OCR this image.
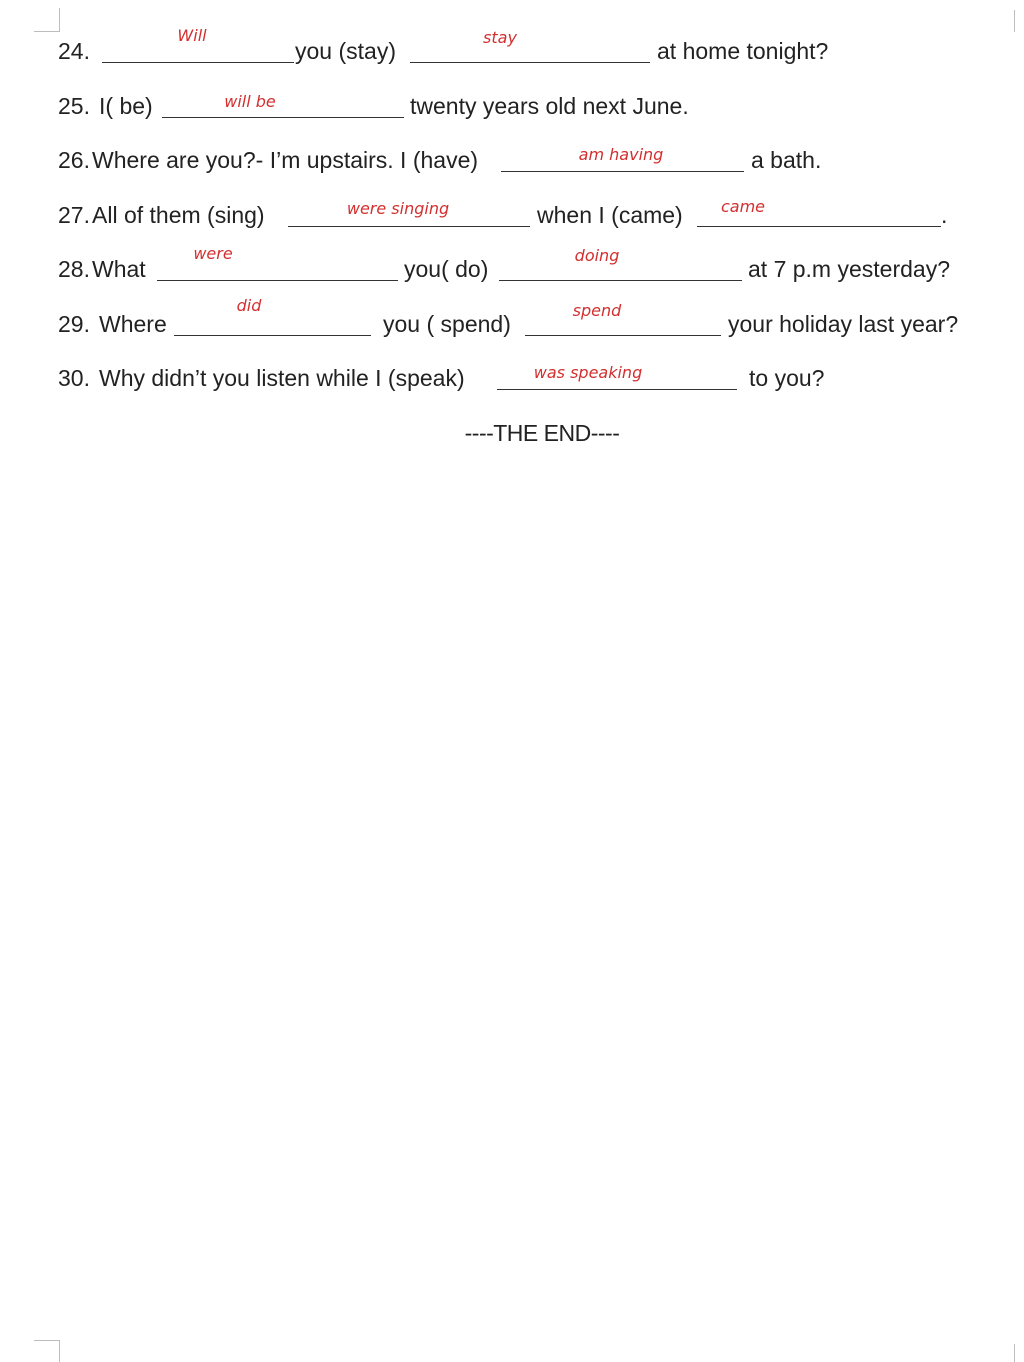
24.
Will
you (stay)
stay
at home tonight?
25. I( be)	will be	twenty years old next June.
26. Where are you?- I’m upstairs. I (have)	am having	a bath.
27. All of them (sing)	were singing	when I (came)	came	.
28. What
were
you( do)
doing
at 7 p.m yesterday?
29. Where
did
you ( spend)
spend
your holiday last year?
30. Why didn’t you listen while I (speak)	was speaking	to you?
----THE END----
